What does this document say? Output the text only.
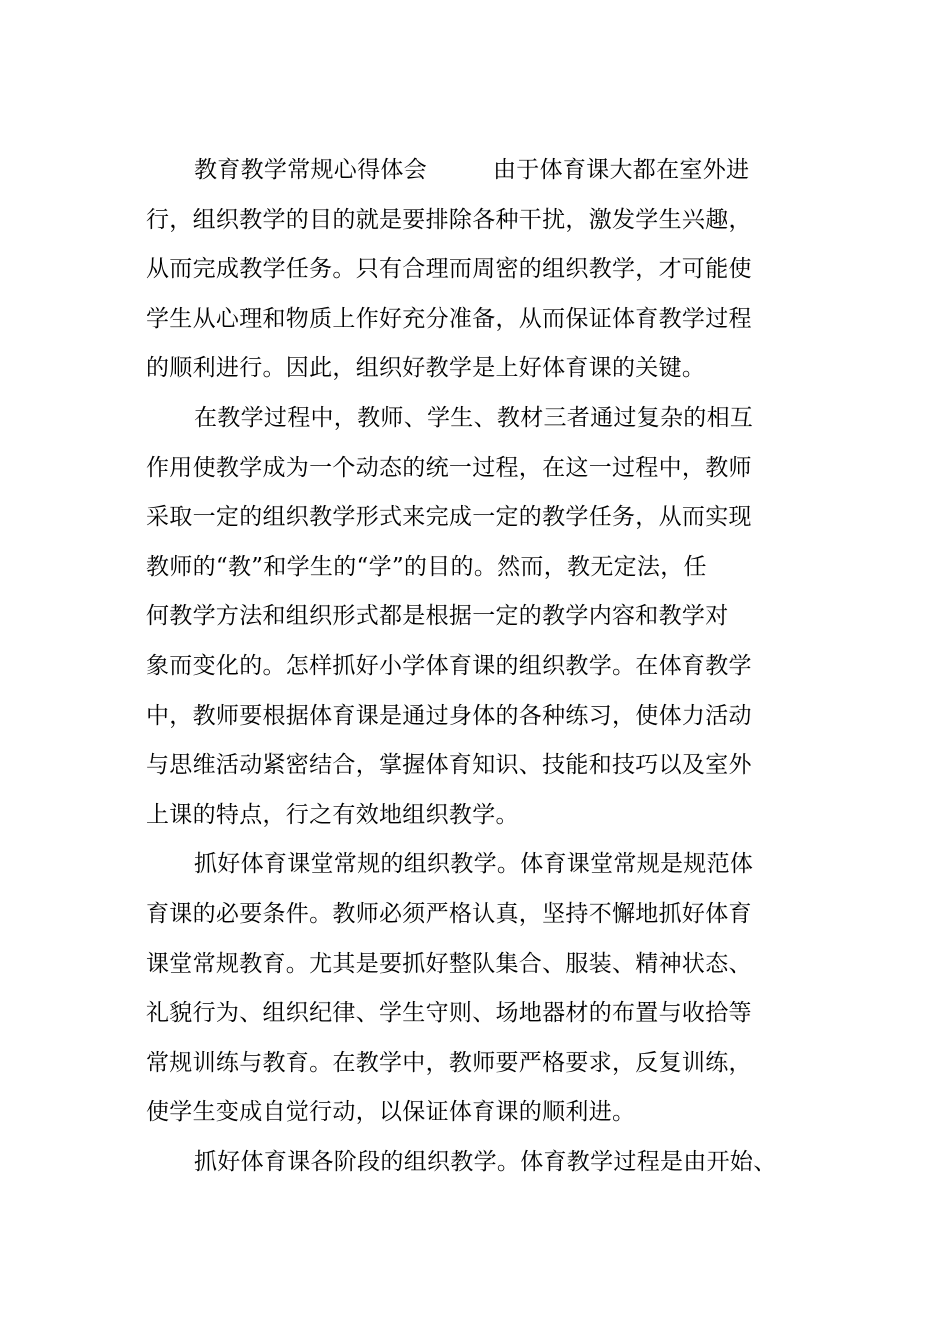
教育教学常规心得体会	由于体育课大都在室外进
行，组织教学的目的就是要排除各种干扰，激发学生兴趣，
从而完成教学任务。只有合理而周密的组织教学，才可能使
学生从心理和物质上作好充分准备，从而保证体育教学过程
的顺利进行。因此，组织好教学是上好体育课的关键。
在教学过程中，教师、学生、教材三者通过复杂的相互
作用使教学成为一个动态的统一过程，在这一过程中，教师
采取一定的组织教学形式来完成一定的教学任务，从而实现
教师的“教”和学生的“学”的目的。然而，教无定法，任
何教学方法和组织形式都是根据一定的教学内容和教学对
象而变化的。怎样抓好小学体育课的组织教学。在体育教学
中，教师要根据体育课是通过身体的各种练习，使体力活动
与思维活动紧密结合，掌握体育知识、技能和技巧以及室外
上课的特点，行之有效地组织教学。
抓好体育课堂常规的组织教学。体育课堂常规是规范体
育课的必要条件。教师必须严格认真，坚持不懈地抓好体育
课堂常规教育。尤其是要抓好整队集合、服装、精神状态、
礼貌行为、组织纪律、学生守则、场地器材的布置与收拾等
常规训练与教育。在教学中，教师要严格要求，反复训练，
使学生变成自觉行动，以保证体育课的顺利进。
抓好体育课各阶段的组织教学。体育教学过程是由开始、
